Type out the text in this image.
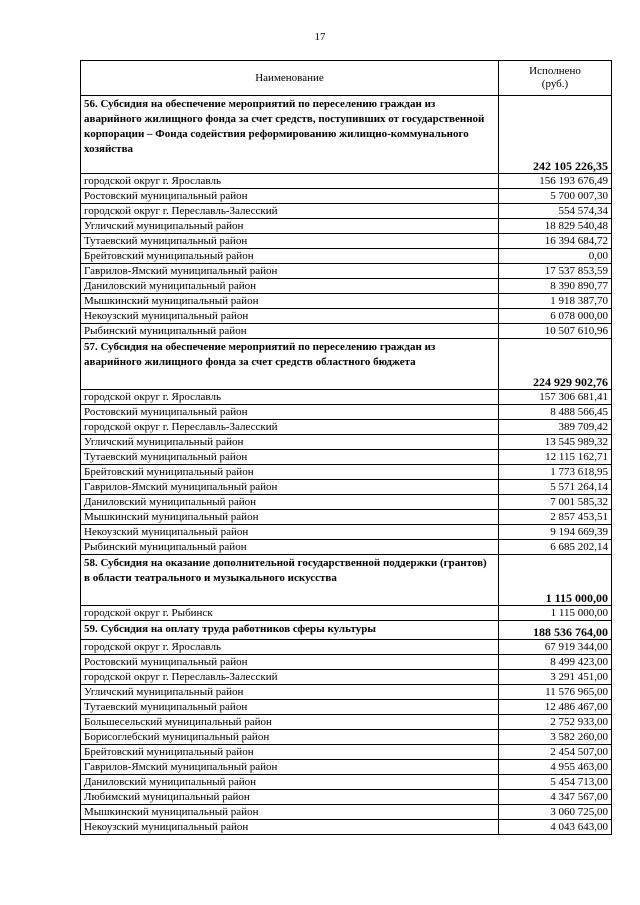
17
Наименование	Исполнено
(руб.)
56. Субсидия на обеспечение мероприятий по переселению граждан из аварийного жилищного фонда за счет средств, поступивших от государственной корпорации – Фонда содействия реформированию жилищно-коммунального хозяйства	242 105 226,35
городской округ г. Ярославль	156 193 676,49
Ростовский муниципальный район	5 700 007,30
городской округ г. Переславль-Залесский	554 574,34
Угличский муниципальный район	18 829 540,48
Тутаевский муниципальный район	16 394 684,72
Брейтовский муниципальный район	0,00
Гаврилов-Ямский муниципальный район	17 537 853,59
Даниловский муниципальный район	8 390 890,77
Мышкинский муниципальный район	1 918 387,70
Некоузский муниципальный район	6 078 000,00
Рыбинский муниципальный район	10 507 610,96
57. Субсидия на обеспечение мероприятий по переселению граждан из аварийного жилищного фонда за счет средств областного бюджета	224 929 902,76
городской округ г. Ярославль	157 306 681,41
Ростовский муниципальный район	8 488 566,45
городской округ г. Переславль-Залесский	389 709,42
Угличский муниципальный район	13 545 989,32
Тутаевский муниципальный район	12 115 162,71
Брейтовский муниципальный район	1 773 618,95
Гаврилов-Ямский муниципальный район	5 571 264,14
Даниловский муниципальный район	7 001 585,32
Мышкинский муниципальный район	2 857 453,51
Некоузский муниципальный район	9 194 669,39
Рыбинский муниципальный район	6 685 202,14
58. Субсидия на оказание дополнительной государственной поддержки (грантов) в области театрального и музыкального искусства	1 115 000,00
городской округ г. Рыбинск	1 115 000,00
59. Субсидия на оплату труда работников сферы культуры	188 536 764,00
городской округ г. Ярославль	67 919 344,00
Ростовский муниципальный район	8 499 423,00
городской округ г. Переславль-Залесский	3 291 451,00
Угличский муниципальный район	11 576 965,00
Тутаевский муниципальный район	12 486 467,00
Большесельский муниципальный район	2 752 933,00
Борисоглебский муниципальный район	3 582 260,00
Брейтовский муниципальный район	2 454 507,00
Гаврилов-Ямский муниципальный район	4 955 463,00
Даниловский муниципальный район	5 454 713,00
Любимский муниципальный район	4 347 567,00
Мышкинский муниципальный район	3 060 725,00
Некоузский муниципальный район	4 043 643,00
